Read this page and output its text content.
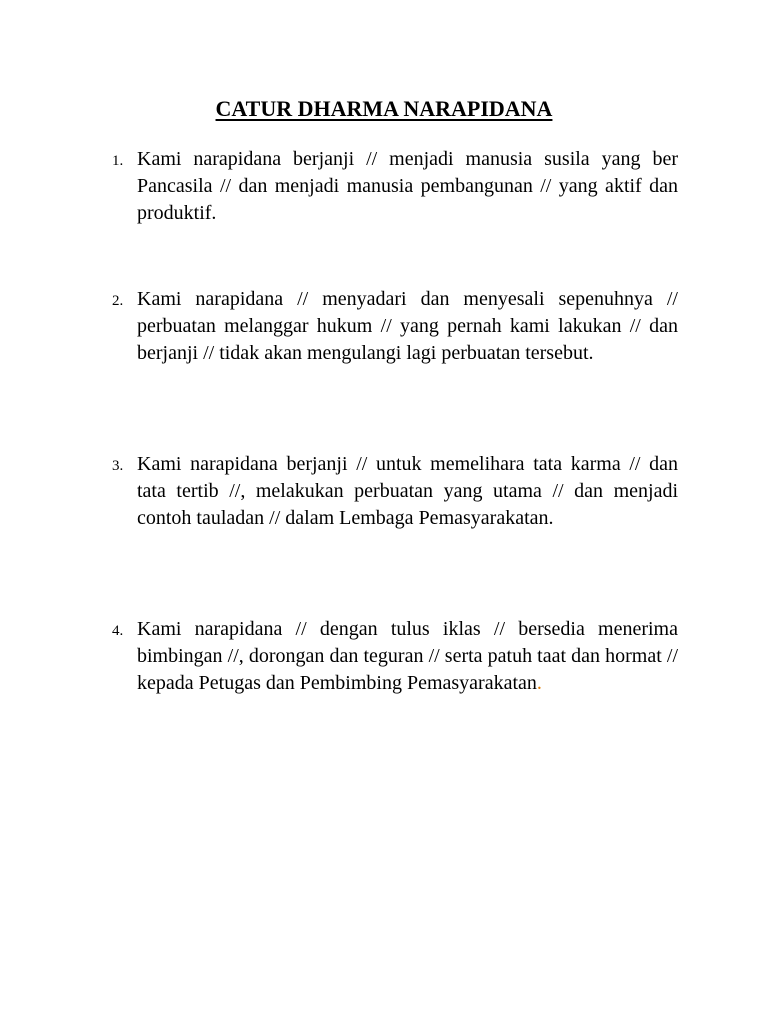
CATUR DHARMA NARAPIDANA
1. Kami narapidana berjanji // menjadi manusia susila yang ber Pancasila // dan menjadi manusia pembangunan // yang aktif dan produktif.
2. Kami narapidana // menyadari dan menyesali sepenuhnya // perbuatan melanggar hukum // yang pernah kami lakukan // dan berjanji // tidak akan mengulangi lagi perbuatan tersebut.
3. Kami narapidana berjanji // untuk memelihara tata karma // dan tata tertib //, melakukan perbuatan yang utama // dan menjadi contoh tauladan // dalam Lembaga Pemasyarakatan.
4. Kami narapidana // dengan tulus iklas // bersedia menerima bimbingan //, dorongan dan teguran // serta patuh taat dan hormat // kepada Petugas dan Pembimbing Pemasyarakatan.
